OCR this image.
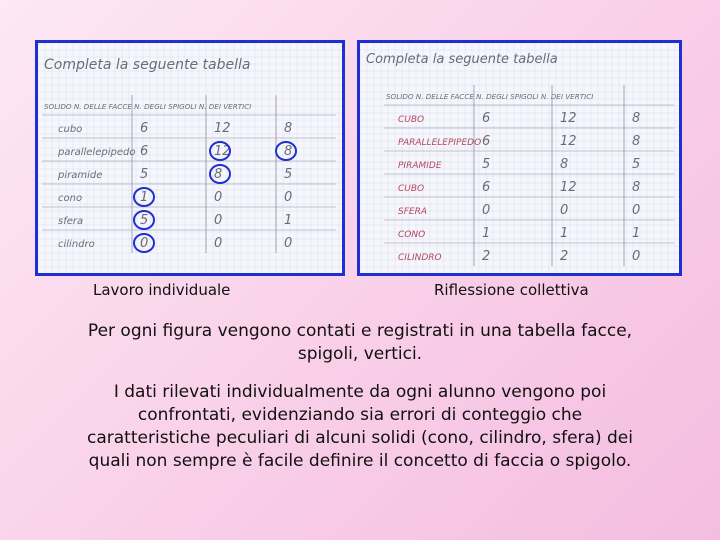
Completa la seguente tabella
SOLIDO N. DELLE FACCE N. DEGLI SPIGOLI N. DEI VERTICI
cubo	6	12	8
parallelepipedo 6	12	8
piramide	5	8	5
cono	1	0	0
sfera	5	0	1
cilindro	0	0	0
Completa la seguente tabella
SOLIDO N. DELLE FACCE N. DEGLI SPIGOLI N. DEI VERTICI
CUBO	6	12	8
PARALLELEPIPEDO 6	12	8
PIRAMIDE	5	8	5
CUBO	6	12	8
SFERA	0	0	0
CONO	1	1	1
CILINDRO	2	2	0
Lavoro individuale	Riflessione collettiva
Per ogni figura vengono contati e registrati in una tabella facce, spigoli, vertici.
I dati rilevati individualmente da ogni alunno vengono poi confrontati, evidenziando sia errori di conteggio che caratteristiche peculiari di alcuni solidi (cono, cilindro, sfera) dei quali non sempre è facile definire il concetto di faccia o spigolo.
